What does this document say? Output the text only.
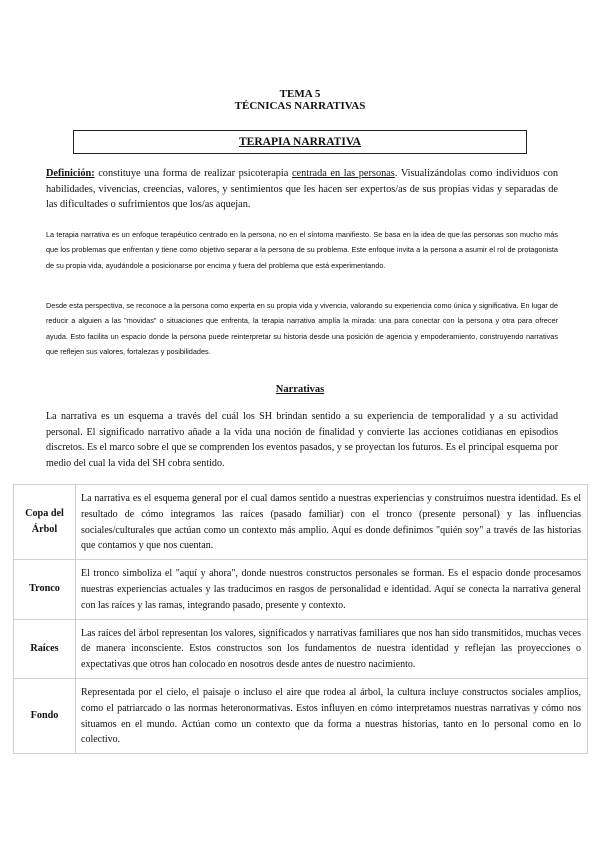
TEMA 5
TÉCNICAS NARRATIVAS
TERAPIA NARRATIVA
Definición: constituye una forma de realizar psicoterapia centrada en las personas. Visualizándolas como individuos con habilidades, vivencias, creencias, valores, y sentimientos que les hacen ser expertos/as de sus propias vidas y separadas de las dificultades o sufrimientos que los/as aquejan.
La terapia narrativa es un enfoque terapéutico centrado en la persona, no en el síntoma manifiesto. Se basa en la idea de que las personas son mucho más que los problemas que enfrentan y tiene como objetivo separar a la persona de su problema. Este enfoque invita a la persona a asumir el rol de protagonista de su propia vida, ayudándole a posicionarse por encima y fuera del problema que está experimentando.
Desde esta perspectiva, se reconoce a la persona como experta en su propia vida y vivencia, valorando su experiencia como única y significativa. En lugar de reducir a alguien a las "movidas" o situaciones que enfrenta, la terapia narrativa amplía la mirada: una para conectar con la persona y otra para ofrecer ayuda. Esto facilita un espacio donde la persona puede reinterpretar su historia desde una posición de agencia y empoderamiento, construyendo narrativas que reflejen sus valores, fortalezas y posibilidades.
Narrativas
La narrativa es un esquema a través del cuál los SH brindan sentido a su experiencia de temporalidad y a su actividad personal. El significado narrativo añade a la vida una noción de finalidad y convierte las acciones cotidianas en episodios discretos. Es el marco sobre el que se comprenden los eventos pasados, y se proyectan los futuros. Es el principal esquema por medio del cual la vida del SH cobra sentido.
Copa del Árbol	La narrativa es el esquema general por el cual damos sentido a nuestras experiencias y construimos nuestra identidad. Es el resultado de cómo integramos las raíces (pasado familiar) con el tronco (presente personal) y las influencias sociales/culturales que actúan como un contexto más amplio. Aquí es donde definimos "quién soy" a través de las historias que contamos y que nos cuentan.
Tronco	El tronco simboliza el "aquí y ahora", donde nuestros constructos personales se forman. Es el espacio donde procesamos nuestras experiencias actuales y las traducimos en rasgos de personalidad e identidad. Aquí se conecta la narrativa general con las raíces y las ramas, integrando pasado, presente y contexto.
Raíces	Las raíces del árbol representan los valores, significados y narrativas familiares que nos han sido transmitidos, muchas veces de manera inconsciente. Estos constructos son los fundamentos de nuestra identidad y reflejan las proyecciones o expectativas que otros han colocado en nosotros desde antes de nuestro nacimiento.
Fondo	Representada por el cielo, el paisaje o incluso el aire que rodea al árbol, la cultura incluye constructos sociales amplios, como el patriarcado o las normas heteronormativas. Estos influyen en cómo interpretamos nuestras narrativas y cómo nos situamos en el mundo. Actúan como un contexto que da forma a nuestras historias, tanto en lo personal como en lo colectivo.
